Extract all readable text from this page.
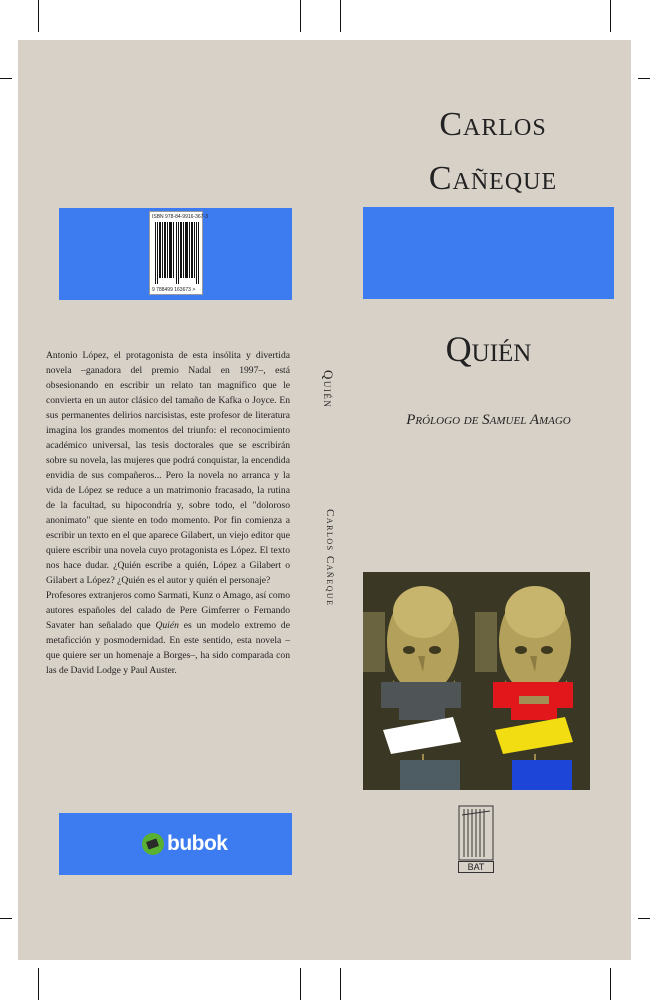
ISBN 978-84-9916-367-3
9 788499 163673 >

Antonio López, el protagonista de esta insólita y divertida novela –ganadora del premio Nadal en 1997–, está obsesionando en escribir un relato tan magnífico que le convierta en un autor clásico del tamaño de Kafka o Joyce. En sus permanentes delirios narcisistas, este profesor de literatura imagina los grandes momentos del triunfo: el reconocimiento académico universal, las tesis doctorales que se escribirán sobre su novela, las mujeres que podrá conquistar, la encendida envidia de sus compañeros... Pero la novela no arranca y la vida de López se reduce a un matrimonio fracasado, la rutina de la facultad, su hipocondría y, sobre todo, el "doloroso anonimato" que siente en todo momento. Por fin comienza a escribir un texto en el que aparece Gilabert, un viejo editor que quiere escribir una novela cuyo protagonista es López. El texto nos hace dudar. ¿Quién escribe a quién, López a Gilabert o Gilabert a López? ¿Quién es el autor y quién el personaje?

Profesores extranjeros como Sarmati, Kunz o Amago, así como autores españoles del calado de Pere Gimferrer o Fernando Savater han señalado que Quién es un modelo extremo de metaficción y posmodernidad. En este sentido, esta novela –que quiere ser un homenaje a Borges–, ha sido comparada con las de David Lodge y Paul Auster.

bubok
Quién
Carlos Cañeque
Carlos
Cañeque
Quién
Prólogo de Samuel Amago
BAT
